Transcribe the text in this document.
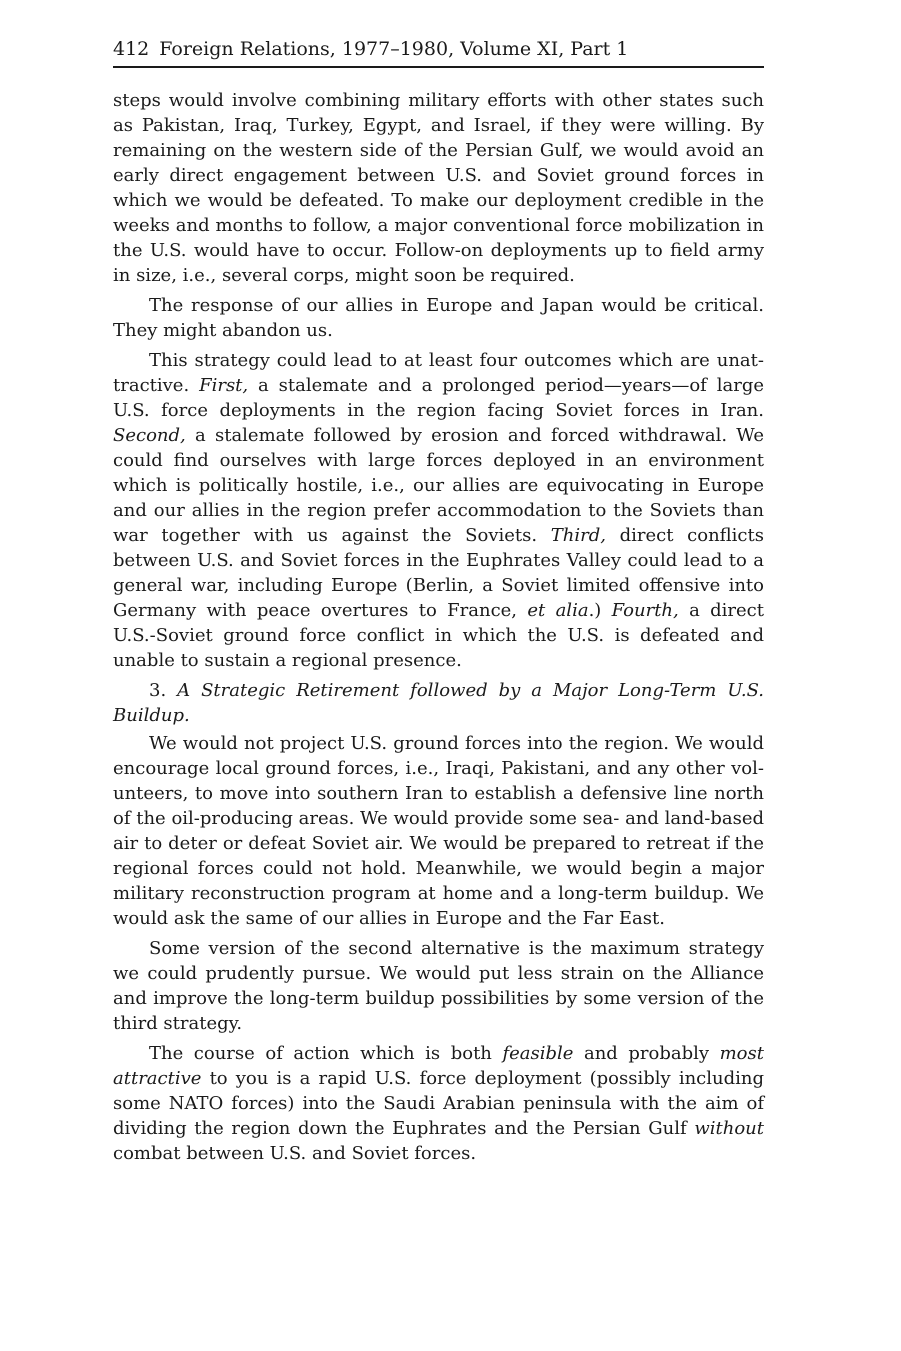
412 Foreign Relations, 1977–1980, Volume XI, Part 1

steps would involve combining military efforts with other states such as Pakistan, Iraq, Turkey, Egypt, and Israel, if they were willing. By remaining on the western side of the Persian Gulf, we would avoid an early direct engagement between U.S. and Soviet ground forces in which we would be defeated. To make our deployment credible in the weeks and months to follow, a major conventional force mobilization in the U.S. would have to occur. Follow-on deployments up to field army in size, i.e., several corps, might soon be required.

The response of our allies in Europe and Japan would be critical. They might abandon us.

This strategy could lead to at least four outcomes which are unattractive. First, a stalemate and a prolonged period—years—of large U.S. force deployments in the region facing Soviet forces in Iran. Second, a stalemate followed by erosion and forced withdrawal. We could find ourselves with large forces deployed in an environment which is politically hostile, i.e., our allies are equivocating in Europe and our allies in the region prefer accommodation to the Soviets than war together with us against the Soviets. Third, direct conflicts between U.S. and Soviet forces in the Euphrates Valley could lead to a general war, including Europe (Berlin, a Soviet limited offensive into Germany with peace overtures to France, et alia.) Fourth, a direct U.S.-Soviet ground force conflict in which the U.S. is defeated and unable to sustain a regional presence.

3. A Strategic Retirement followed by a Major Long-Term U.S. Buildup.

We would not project U.S. ground forces into the region. We would encourage local ground forces, i.e., Iraqi, Pakistani, and any other volunteers, to move into southern Iran to establish a defensive line north of the oil-producing areas. We would provide some sea- and land-based air to deter or defeat Soviet air. We would be prepared to retreat if the regional forces could not hold. Meanwhile, we would begin a major military reconstruction program at home and a long-term buildup. We would ask the same of our allies in Europe and the Far East.

Some version of the second alternative is the maximum strategy we could prudently pursue. We would put less strain on the Alliance and improve the long-term buildup possibilities by some version of the third strategy.

The course of action which is both feasible and probably most attractive to you is a rapid U.S. force deployment (possibly including some NATO forces) into the Saudi Arabian peninsula with the aim of dividing the region down the Euphrates and the Persian Gulf without combat between U.S. and Soviet forces.
